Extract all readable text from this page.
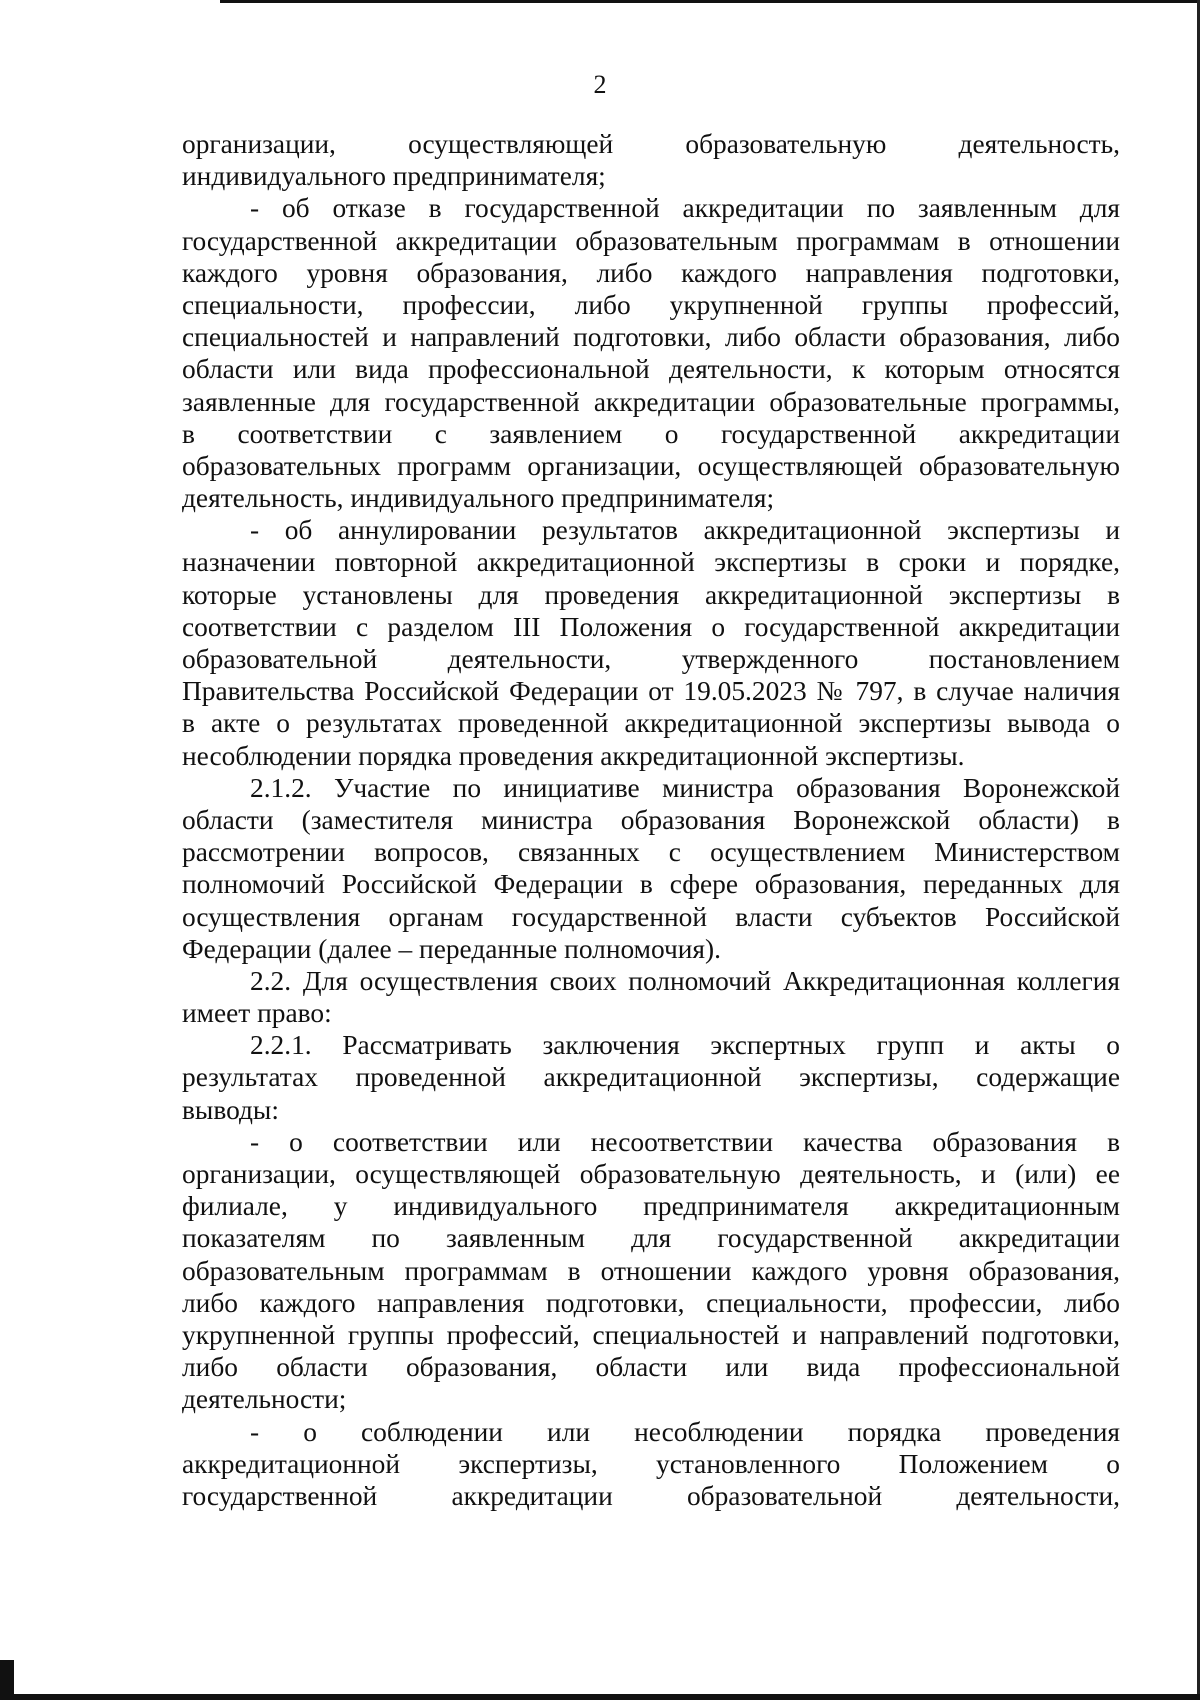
2
организации, осуществляющей образовательную деятельность,
индивидуального предпринимателя;
- об отказе в государственной аккредитации по заявленным для
государственной аккредитации образовательным программам в отношении
каждого уровня образования, либо каждого направления подготовки,
специальности, профессии, либо укрупненной группы профессий,
специальностей и направлений подготовки, либо области образования, либо
области или вида профессиональной деятельности, к которым относятся
заявленные для государственной аккредитации образовательные программы,
в соответствии с заявлением о государственной аккредитации
образовательных программ организации, осуществляющей образовательную
деятельность, индивидуального предпринимателя;
- об аннулировании результатов аккредитационной экспертизы и
назначении повторной аккредитационной экспертизы в сроки и порядке,
которые установлены для проведения аккредитационной экспертизы в
соответствии с разделом III Положения о государственной аккредитации
образовательной деятельности, утвержденного постановлением
Правительства Российской Федерации от 19.05.2023 № 797, в случае наличия
в акте о результатах проведенной аккредитационной экспертизы вывода о
несоблюдении порядка проведения аккредитационной экспертизы.
2.1.2. Участие по инициативе министра образования Воронежской
области (заместителя министра образования Воронежской области) в
рассмотрении вопросов, связанных с осуществлением Министерством
полномочий Российской Федерации в сфере образования, переданных для
осуществления органам государственной власти субъектов Российской
Федерации (далее – переданные полномочия).
2.2. Для осуществления своих полномочий Аккредитационная коллегия
имеет право:
2.2.1. Рассматривать заключения экспертных групп и акты о
результатах проведенной аккредитационной экспертизы, содержащие
выводы:
- о соответствии или несоответствии качества образования в
организации, осуществляющей образовательную деятельность, и (или) ее
филиале, у индивидуального предпринимателя аккредитационным
показателям по заявленным для государственной аккредитации
образовательным программам в отношении каждого уровня образования,
либо каждого направления подготовки, специальности, профессии, либо
укрупненной группы профессий, специальностей и направлений подготовки,
либо области образования, области или вида профессиональной
деятельности;
- о соблюдении или несоблюдении порядка проведения
аккредитационной экспертизы, установленного Положением о
государственной аккредитации образовательной деятельности,
